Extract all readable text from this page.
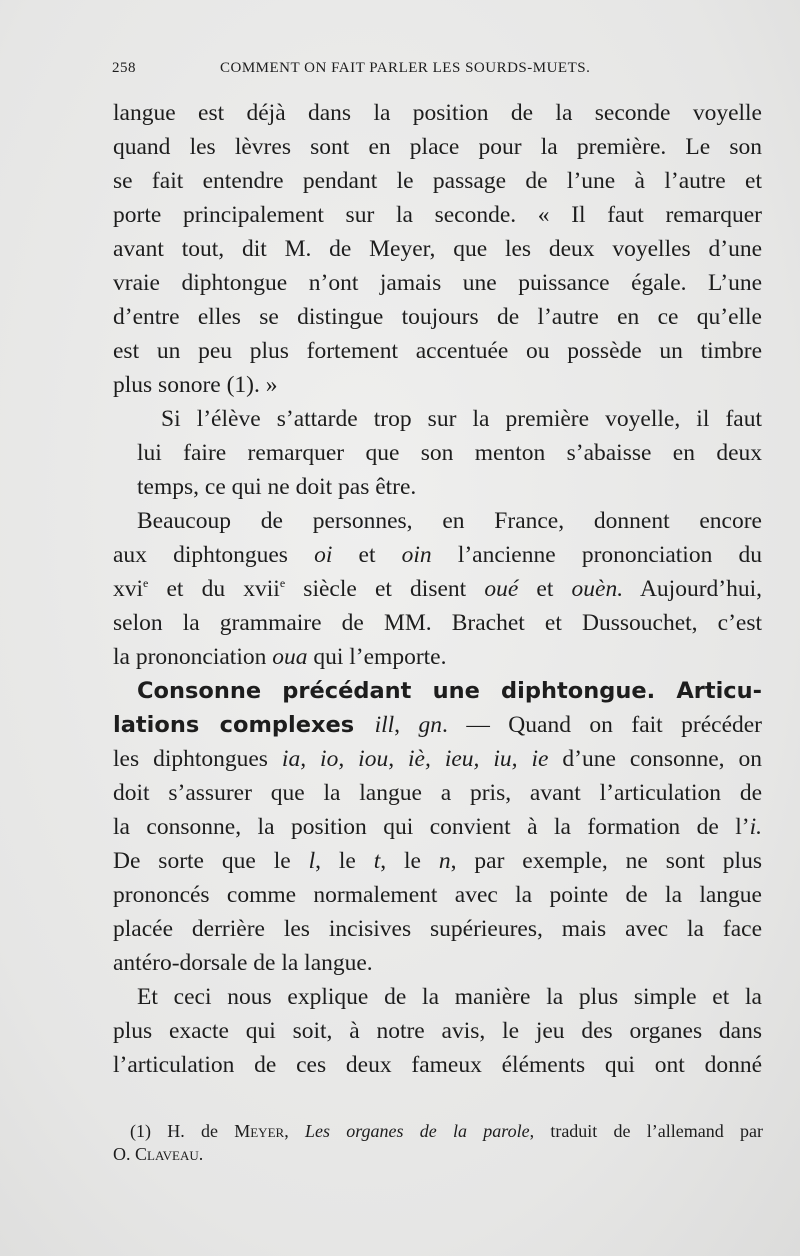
258	COMMENT ON FAIT PARLER LES SOURDS-MUETS.
langue est déjà dans la position de la seconde voyelle
quand les lèvres sont en place pour la première. Le son
se fait entendre pendant le passage de l’une à l’autre et
porte principalement sur la seconde. « Il faut remarquer
avant tout, dit M. de Meyer, que les deux voyelles d’une
vraie diphtongue n’ont jamais une puissance égale. L’une
d’entre elles se distingue toujours de l’autre en ce qu’elle
est un peu plus fortement accentuée ou possède un timbre
plus sonore (1). »
Si l’élève s’attarde trop sur la première voyelle, il faut
lui faire remarquer que son menton s’abaisse en deux
temps, ce qui ne doit pas être.
Beaucoup de personnes, en France, donnent encore
aux diphtongues oi et oin l’ancienne prononciation du
xvi$^e$ et du xvii$^e$ siècle et disent oué et ouèn. Aujourd’hui,
selon la grammaire de MM. Brachet et Dussouchet, c’est
la prononciation oua qui l’emporte.
Consonne précédant une diphtongue. Articu-
lations complexes ill, gn. — Quand on fait précéder
les diphtongues ia, io, iou, iè, ieu, iu, ie d’une consonne, on
doit s’assurer que la langue a pris, avant l’articulation de
la consonne, la position qui convient à la formation de l’i.
De sorte que le l, le t, le n, par exemple, ne sont plus
prononcés comme normalement avec la pointe de la langue
placée derrière les incisives supérieures, mais avec la face
antéro-dorsale de la langue.
Et ceci nous explique de la manière la plus simple et la
plus exacte qui soit, à notre avis, le jeu des organes dans
l’articulation de ces deux fameux éléments qui ont donné
(1) H. de Meyer, Les organes de la parole, traduit de l’allemand par
O. Claveau.
